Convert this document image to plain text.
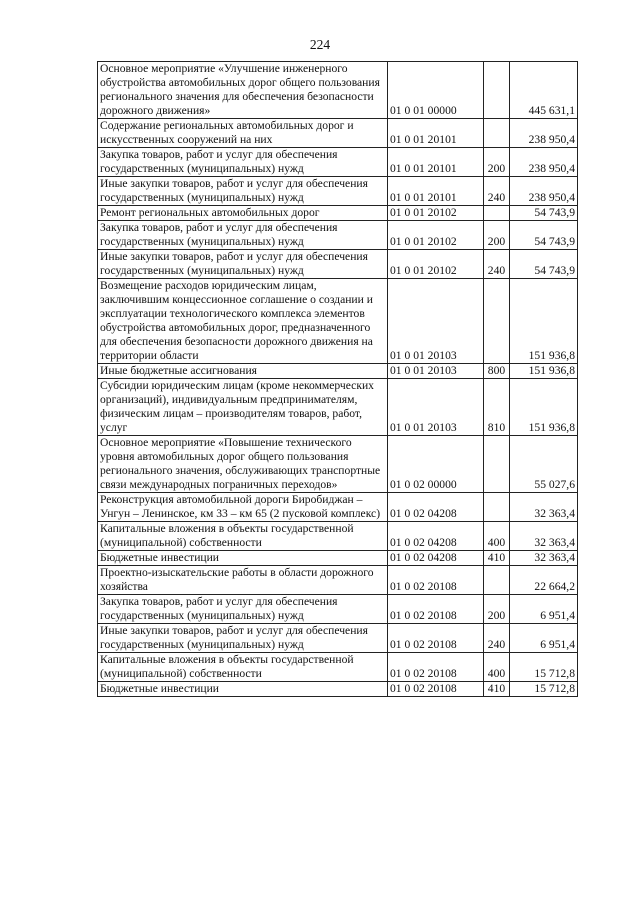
224
Основное мероприятие «Улучшение инженерного обустройства автомобильных дорог общего пользования регионального значения для обеспечения безопасности дорожного движения»	01 0 01 00000		445 631,1
Содержание региональных автомобильных дорог и искусственных сооружений на них	01 0 01 20101		238 950,4
Закупка товаров, работ и услуг для обеспечения государственных (муниципальных) нужд	01 0 01 20101	200	238 950,4
Иные закупки товаров, работ и услуг для обеспечения государственных (муниципальных) нужд	01 0 01 20101	240	238 950,4
Ремонт региональных автомобильных дорог	01 0 01 20102		54 743,9
Закупка товаров, работ и услуг для обеспечения государственных (муниципальных) нужд	01 0 01 20102	200	54 743,9
Иные закупки товаров, работ и услуг для обеспечения государственных (муниципальных) нужд	01 0 01 20102	240	54 743,9
Возмещение расходов юридическим лицам, заключившим концессионное соглашение о создании и эксплуатации технологического комплекса элементов обустройства автомобильных дорог, предназначенного для обеспечения безопасности дорожного движения на территории области	01 0 01 20103		151 936,8
Иные бюджетные ассигнования	01 0 01 20103	800	151 936,8
Субсидии юридическим лицам (кроме некоммерческих организаций), индивидуальным предпринимателям, физическим лицам – производителям товаров, работ, услуг	01 0 01 20103	810	151 936,8
Основное мероприятие «Повышение технического уровня автомобильных дорог общего пользования регионального значения, обслуживающих транспортные связи международных пограничных переходов»	01 0 02 00000		55 027,6
Реконструкция автомобильной дороги Биробиджан – Унгун – Ленинское, км 33 – км 65 (2 пусковой комплекс)	01 0 02 04208		32 363,4
Капитальные вложения в объекты государственной (муниципальной) собственности	01 0 02 04208	400	32 363,4
Бюджетные инвестиции	01 0 02 04208	410	32 363,4
Проектно-изыскательские работы в области дорожного хозяйства	01 0 02 20108		22 664,2
Закупка товаров, работ и услуг для обеспечения государственных (муниципальных) нужд	01 0 02 20108	200	6 951,4
Иные закупки товаров, работ и услуг для обеспечения государственных (муниципальных) нужд	01 0 02 20108	240	6 951,4
Капитальные вложения в объекты государственной (муниципальной) собственности	01 0 02 20108	400	15 712,8
Бюджетные инвестиции	01 0 02 20108	410	15 712,8
